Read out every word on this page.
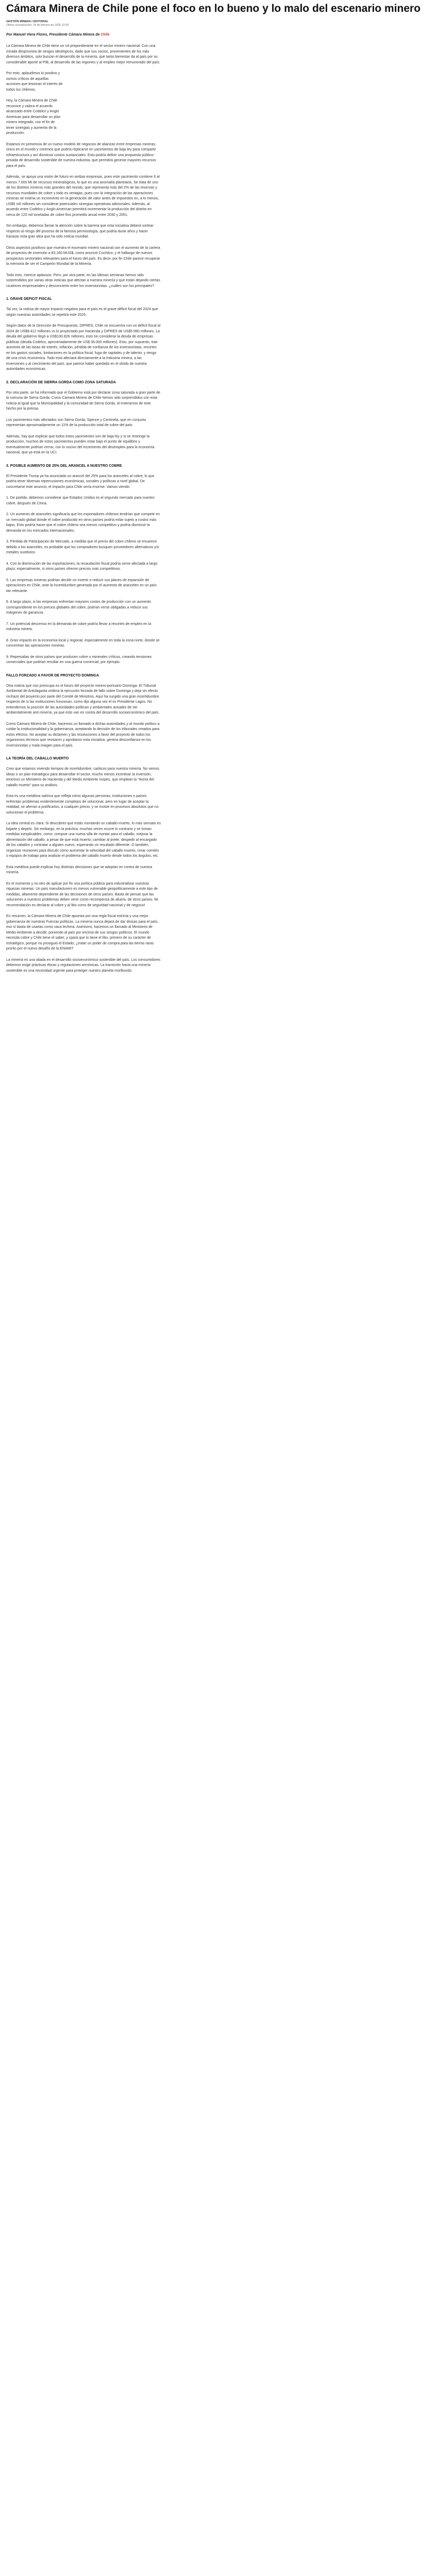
Cámara Minera de Chile pone el foco en lo bueno y lo malo del escenario minero
GESTIÓN MINERA / EDITORIAL
Última actualización: 24 de febrero de 2025 12:30
Por Manuel Viera Flores, Presidente Cámara Minera de Chile

La Cámara Minera de Chile tiene un rol preponderante en el sector minero nacional. Con una mirada desprovista de sesgos ideológicos, dado que sus socios, provenientes de los más diversos ámbitos, solo buscan el desarrollo de la minería, que tanto bienestar da al país por su considerable aporte al PIB, al desarrollo de las regiones y al empleo mejor remunerado del país.

Por esto, aplaudimos lo positivo y somos críticos de aquellas acciones que lesionan el interés de todos los chilenos.

Hoy, la Cámara Minera de Chile reconoce y valora el acuerdo alcanzado entre Codelco y Anglo American para desarrollar un plan minero integrado, con el fin de tener sinergias y aumento de la producción.

Estamos en presencia de un nuevo modelo de negocios de alianzas entre empresas mineras, único en el mundo y creemos que podría replicarse en yacimientos de baja ley para compartir infraestructura y así disminuir costos sustanciales. Esto podría definir una propuesta público-privada de desarrollo sostenible de nuestra industria, que permitirá generar mayores recursos para el país.

Además, se apoya una visión de futuro en ambas empresas, pues este yacimiento contiene 6 al menos 7.000 Mt de recursos mineralógicos, lo que es una anomalía planetaria. Se trata de uno de los distritos mineros más grandes del mundo, que representa más del 2% de las reservas y recursos mundiales de cobre y todo es ventajas, pues con la integración de las operaciones mineras se estima un incremento en la generación de valor antes de impuestos en, a lo menos, US$5 mil millones sin considerar potenciales sinergias operativas adicionales. Además, al acuerdo entre Codelco y Anglo American permitirá incrementar la producción del distrito en cerca de 120 mil toneladas de cobre fino promedio anual entre 2030 y 2051.

Sin embargo, debemos llamar la atención sobre la barrera que esta iniciativa deberá sortear respecto al riesgo del proceso de la famosa permisología, que podría durar años y hacer fracasar esta gran idea que ha sido noticia mundial.

Otros aspectos positivos que muestra el escenario minero nacional son el aumento de la cartera de proyectos de inversión a 83,180 MUS$, como anunció Cochilco; y el hallazgo de nuevos prospectos sectoriales relevantes para el futuro del país. Es decir, por fin Chile parece recuperar la memoria de ser el Campeón Mundial de la Minería.

Todo esto, merece aplausos. Pero, por otra parte, en las últimas semanas hemos sido sorprendidos por varias otras noticias que afectan a nuestra minería y que están dejando ciertas cicatrices empresariales y desconcierto entre los inversionistas. ¿cuáles son los principales?

1. GRAVE DEFICIT FISCAL

Tal vez, la noticia de mayor impacto negativo para el país es el grave déficit fiscal del 2024 que según nuestras autoridades se repetirá este 2025.

Según datos de la Dirección de Presupuesto, DIPRES, Chile se encuentra con un déficit fiscal al 2024 de US$9.412 millones vs lo proyectado por Hacienda y DIPRES de US$5.990 millones. La deuda del gobierno llegó a US$130.826 millones, esto sin considerar la deuda de empresas públicas (deuda Codelco, aproximadamente de US$ 36.000 millones). Esto, por supuesto, trae aumento de las tasas de interés, inflación, pérdida de confianza de los inversionistas, recortes en los gastos sociales, limitaciones en la política fiscal, fuga de capitales y de talento; y riesgo de una crisis económica. Todo esto afectará directamente a la Industria minera, a las inversiones y al crecimiento del país, que parece haber quedado en el olvido de nuestra autoridades económicas.

2. DECLARACIÓN DE SIERRA GORDA COMO ZONA SATURADA

Por otra parte, se ha informado que el Gobierno está por declarar zona saturada a gran parte de la comuna de Sierra Gorda. Como Cámara Minera de Chile hemos sido sorprendidos con esta noticia al igual que la Municipalidad y la comunidad de Sierra Gorda, al enterarnos de este hecho por la prensa.

Los yacimientos más afectados son Sierra Gorda, Spence y Centinela, que en conjunto representan aproximadamente un 11% de la producción total de cobre del país.

Además, hay que explicar que todos estos yacimientos son de baja ley y si se restringe la producción, muchos de estos yacimientos pueden estar bajo el punto de equilibrio y eventualmente podrían cerrar, con lo nocivo del incremento del desempleo para la economía nacional, que ya está en la UCI.

3. POSIBLE AUMENTO DE 25% DEL ARANCEL A NUESTRO COBRE

El Presidente Trump ya ha anunciado un arancel del 25% para los aranceles al cobre, lo que podría tener diversas repercusiones económicas, sociales y políticas a nivel global. De concretarse este anuncio, el impacto para Chile sería enorme. Vamos viendo:

1. De partida, debemos considerar que Estados Unidos es el segundo mercado para nuestro cobre, después de China.

2. Un aumento de aranceles significaría que los exportadores chilenos tendrían que competir en un mercado global donde el cobre producido en otros países podría estar sujeto a costos más bajos. Esto podría hacer que el cobre chileno sea menos competitivo y podría disminuir la demanda en los mercados internacionales.

3. Pérdida de Participación de Mercado, a medida que el precio del cobre chileno se encarece debido a los aranceles, es probable que los compradores busquen proveedores alternativos y/o metales sustitutos.

4. Con la disminución de las exportaciones, la recaudación fiscal podría verse afectada a largo plazo; especialmente, si otros países ofrecen precios más competitivos.

5. Las empresas mineras podrían decidir no invertir o reducir sus planes de expansión de operaciones en Chile, ante la incertidumbre generada por el aumento de aranceles en un país tan relevante.

6. A largo plazo, si las empresas enfrentan mayores costos de producción con un aumento correspondiente en los precios globales del cobre, podrían verse obligadas a reducir sus márgenes de ganancia.

7. Un potencial descenso en la demanda de cobre podría llevar a recortes de empleo en la industria minera.

8. Gran impacto en la economía local y regional, especialmente en toda la zona norte, donde se concentran las operaciones mineras.

9. Represalias de otros países que producen cobre o minerales críticos, creando tensiones comerciales que podrían resultar en una guerra comercial, por ejemplo.

FALLO FORZADO A FAVOR DE PROYECTO DOMINGA

Otra noticia que nos preocupa es el futuro del proyecto minero-portuario Dominga. El Tribunal Ambiental de Antofagasta ordena la ejecución forzada de fallo sobre Dominga y deja sin efecto rechazo del proyecto por parte del Comité de Ministros. Aquí ha surgido una gran incertidumbre respecto de si las instituciones funcionan, como dijo alguna vez el ex Presidente Lagos. No entendemos la posición de las autoridades políticas y ambientales actuales de ser ambientalmente anti minería, ya que esto van en contra del desarrollo socioeconómico del país.

Como Cámara Minera de Chile, hacemos un llamado a dichas autoridades y al mundo político a cuidar la institucionalidad y la gobernanza, aceptando la decisión de los tribunales creados para estos efectos. No aceptar su dictamen y las resoluciones a favor del proyecto de todos los organismos técnicos que revisaron y aprobaron esta iniciativa, genera desconfianza en los inversionistas y mala imagen para el país.

LA TEORÍA DEL CABALLO MUERTO

Creo que estamos viviendo tiempos de incertidumbre, caóticos para nuestra minería. No vemos ideas o un plan estratégico para desarrollar el sector, mucho menos incentivar la inversión; tenemos un Ministerio de Hacienda y del Medio Ambiente mopes, que emplean la “teoría del caballo muerto” para su análisis.

Esta es una metáfora satírica que refleja cómo algunas personas, instituciones o países enfrentan problemas evidentemente complejos de solucionar, pero en lugar de aceptar la realidad, se aferran a justificarlos, a cualquier precio; y se insiste en procesos absolutos que no solucionan el problema.

La idea central es clara: Si descubres que estás montando un caballo muerto, lo más sensato es bajarte y dejarlo. Sin embargo, en la práctica, muchas veces ocurre lo contrario y se toman medidas inexplicables, como: comprar una nueva silla de montar para el caballo, mejorar la alimentación del caballo, a pesar de que está muerto; cambiar al jinete, despedir al encargado de los caballos y contratar a alguien nuevo, esperando un resultado diferente. O también, organizar reuniones para discutir cómo aumentar la velocidad del caballo muerto, crear comités o equipos de trabajo para analizar el problema del caballo muerto desde todos los ángulos, etc.

Esta metáfora puede explicar hoy distintas decisiones que se adoptan en contra de nuestra minería.

Es el momento y no otro de aplicar por fin una política pública para industrializar nuestras riquezas mineras. Un país manufacturero es menos vulnerable geopolíticamente a este tipo de medidas, altamente dependiente de las decisiones de otros países. Basta de pensar que las soluciones a nuestros problemas deben venir como recompensa de afuera, de otros países. Mi recomendación es declarar al cobre y al litio como de seguridad nacional y de negocio!

En resumen, la Cámara Minera de Chile apuesta por una regla fiscal estricta y una mejor gobernanza de nuestras Fuerzas políticas. La minería nunca dejará de dar divisas para el país, eso sí basta de usarlas como vaca lechera. Asimismo, hacemos un llamado al Ministerio de Medio Ambiente a decidir, poniendo al país por encima de sus sesgos políticos. El mundo necesita cobre y Chile tiene el saber, y cpará que lo tiene el litio, primero de su carácter de estratégico, porque no prosiguió el Estado; ¿tratar un poder de compra para las tierras raras pronto por el nuevo desafío de la ENAMI?

La minería es una aliada en el desarrollo socioeconómico sostenible del país. Los consumidores debemos exigir prácticas éticas y regulaciones armónicas. La transición hacia una minería sostenible es una necesidad urgente para proteger nuestro planeta moribundo.
